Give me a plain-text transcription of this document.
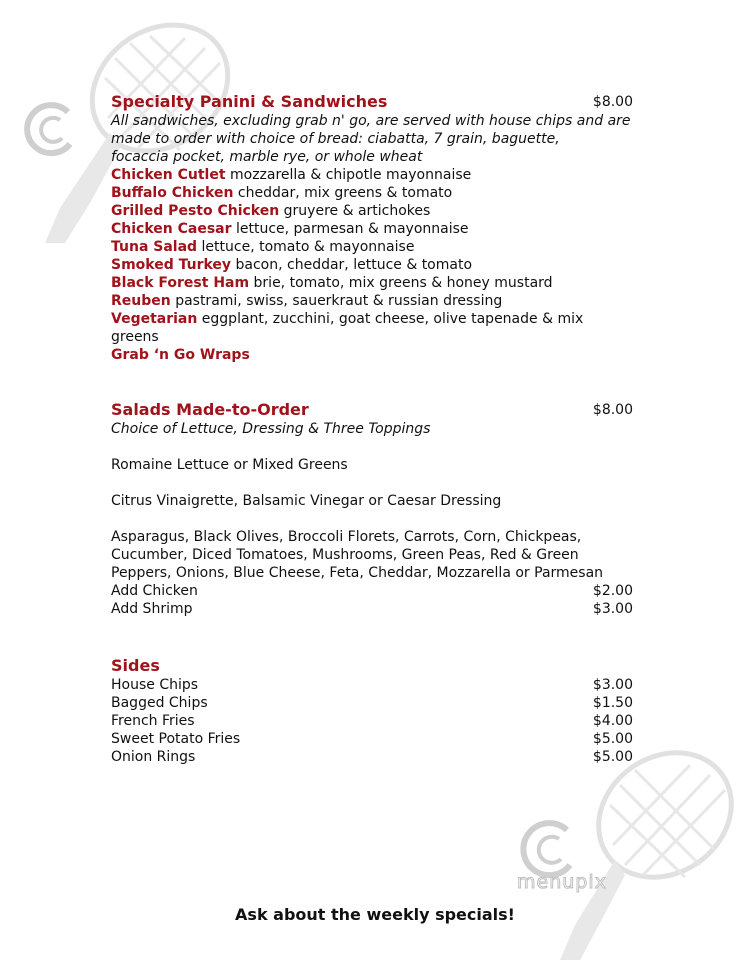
menupix
Specialty Panini & Sandwiches	$8.00
All sandwiches, excluding grab n' go, are served with house chips and are
made to order with choice of bread: ciabatta, 7 grain, baguette,
focaccia pocket, marble rye, or whole wheat
Chicken Cutlet mozzarella & chipotle mayonnaise
Buffalo Chicken cheddar, mix greens & tomato
Grilled Pesto Chicken gruyere & artichokes
Chicken Caesar lettuce, parmesan & mayonnaise
Tuna Salad lettuce, tomato & mayonnaise
Smoked Turkey bacon, cheddar, lettuce & tomato
Black Forest Ham brie, tomato, mix greens & honey mustard
Reuben pastrami, swiss, sauerkraut & russian dressing
Vegetarian eggplant, zucchini, goat cheese, olive tapenade & mix
greens
Grab ‘n Go Wraps
Salads Made-to-Order	$8.00
Choice of Lettuce, Dressing & Three Toppings
Romaine Lettuce or Mixed Greens
Citrus Vinaigrette, Balsamic Vinegar or Caesar Dressing
Asparagus, Black Olives, Broccoli Florets, Carrots, Corn, Chickpeas,
Cucumber, Diced Tomatoes, Mushrooms, Green Peas, Red & Green
Peppers, Onions, Blue Cheese, Feta, Cheddar, Mozzarella or Parmesan
Add Chicken	$2.00
Add Shrimp	$3.00
Sides
House Chips	$3.00
Bagged Chips	$1.50
French Fries	$4.00
Sweet Potato Fries	$5.00
Onion Rings	$5.00
Ask about the weekly specials!
